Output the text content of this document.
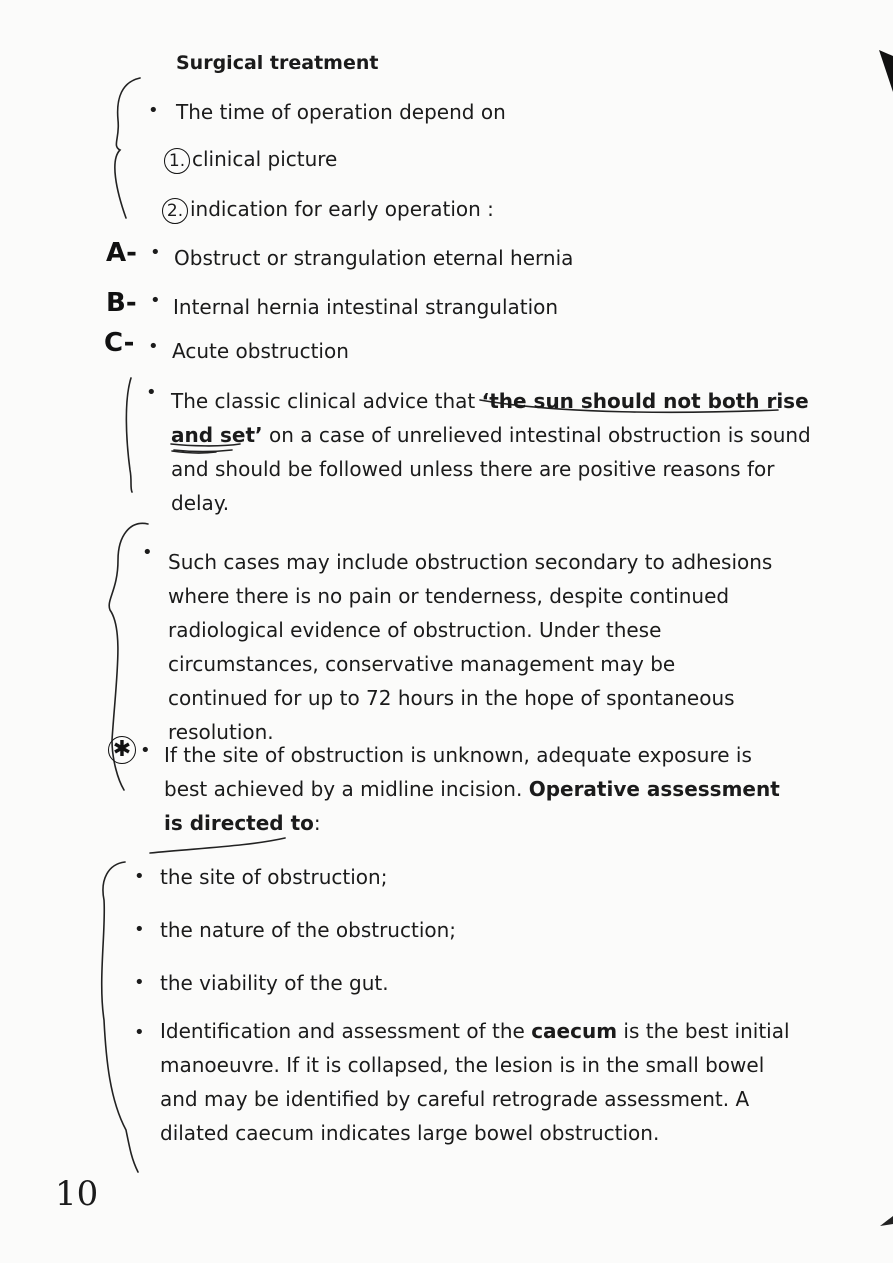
Surgical treatment
• The time of operation depend on
1. clinical picture
2. indication for early operation :
A- • Obstruct or strangulation eternal hernia
B- • Internal hernia intestinal strangulation
C- • Acute obstruction
• The classic clinical advice that ‘the sun should not both rise and set’ on a case of unrelieved intestinal obstruction is sound and should be followed unless there are positive reasons for delay.
• Such cases may include obstruction secondary to adhesions where there is no pain or tenderness, despite continued radiological evidence of obstruction. Under these circumstances, conservative management may be continued for up to 72 hours in the hope of spontaneous resolution.
✱ • If the site of obstruction is unknown, adequate exposure is best achieved by a midline incision. Operative assessment is directed to:
• the site of obstruction;
• the nature of the obstruction;
• the viability of the gut.
• Identification and assessment of the caecum is the best initial manoeuvre. If it is collapsed, the lesion is in the small bowel and may be identified by careful retrograde assessment. A dilated caecum indicates large bowel obstruction.
10
